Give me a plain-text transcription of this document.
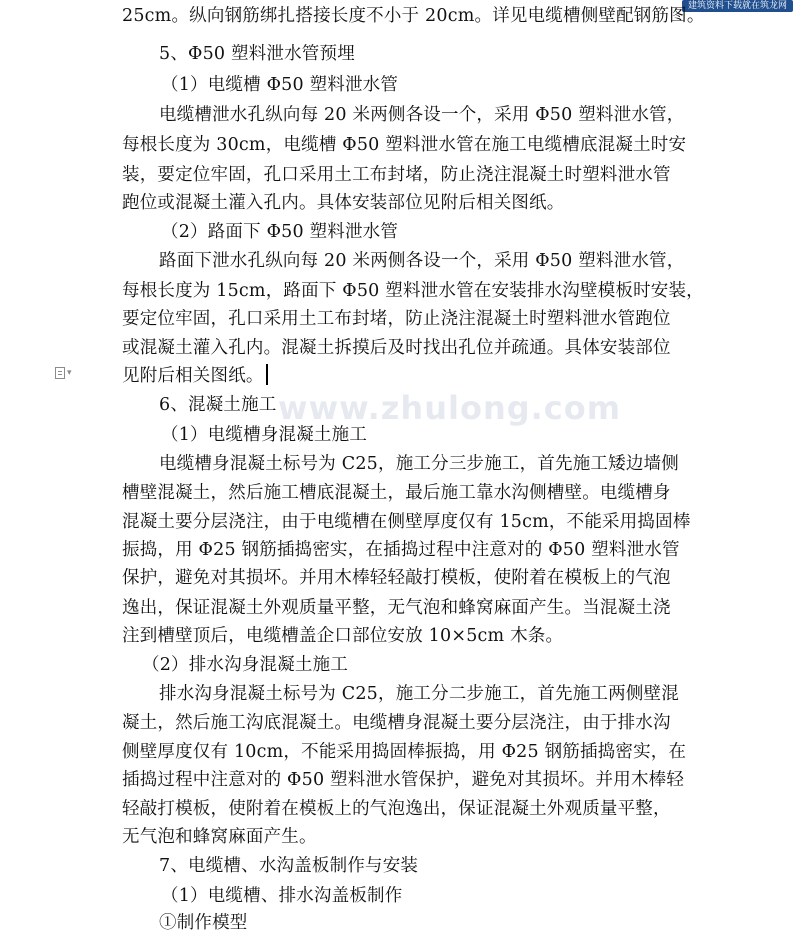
建筑资料下载就在筑龙网
www.zhulong.com
▾
25cm。纵向钢筋绑扎搭接长度不小于 20cm。详见电缆槽侧壁配钢筋图。
5、Φ50 塑料泄水管预埋
（1）电缆槽 Φ50 塑料泄水管
电缆槽泄水孔纵向每 20 米两侧各设一个，采用 Φ50 塑料泄水管，
每根长度为 30cm，电缆槽 Φ50 塑料泄水管在施工电缆槽底混凝土时安
装，要定位牢固，孔口采用土工布封堵，防止浇注混凝土时塑料泄水管
跑位或混凝土灌入孔内。具体安装部位见附后相关图纸。
（2）路面下 Φ50 塑料泄水管
路面下泄水孔纵向每 20 米两侧各设一个，采用 Φ50 塑料泄水管，
每根长度为 15cm，路面下 Φ50 塑料泄水管在安装排水沟壁模板时安装，
要定位牢固，孔口采用土工布封堵，防止浇注混凝土时塑料泄水管跑位
或混凝土灌入孔内。混凝土拆摸后及时找出孔位并疏通。具体安装部位
见附后相关图纸。
6、混凝土施工
（1）电缆槽身混凝土施工
电缆槽身混凝土标号为 C25，施工分三步施工，首先施工矮边墙侧
槽壁混凝土，然后施工槽底混凝土，最后施工靠水沟侧槽壁。电缆槽身
混凝土要分层浇注，由于电缆槽在侧壁厚度仅有 15cm，不能采用捣固棒
振捣，用 Φ25 钢筋插捣密实，在插捣过程中注意对的 Φ50 塑料泄水管
保护，避免对其损坏。并用木棒轻轻敲打模板，使附着在模板上的气泡
逸出，保证混凝土外观质量平整，无气泡和蜂窝麻面产生。当混凝土浇
注到槽壁顶后，电缆槽盖企口部位安放 10×5cm 木条。
（2）排水沟身混凝土施工
排水沟身混凝土标号为 C25，施工分二步施工，首先施工两侧壁混
凝土，然后施工沟底混凝土。电缆槽身混凝土要分层浇注，由于排水沟
侧壁厚度仅有 10cm，不能采用捣固棒振捣，用 Φ25 钢筋插捣密实，在
插捣过程中注意对的 Φ50 塑料泄水管保护，避免对其损坏。并用木棒轻
轻敲打模板，使附着在模板上的气泡逸出，保证混凝土外观质量平整，
无气泡和蜂窝麻面产生。
7、电缆槽、水沟盖板制作与安装
（1）电缆槽、排水沟盖板制作
①制作模型
